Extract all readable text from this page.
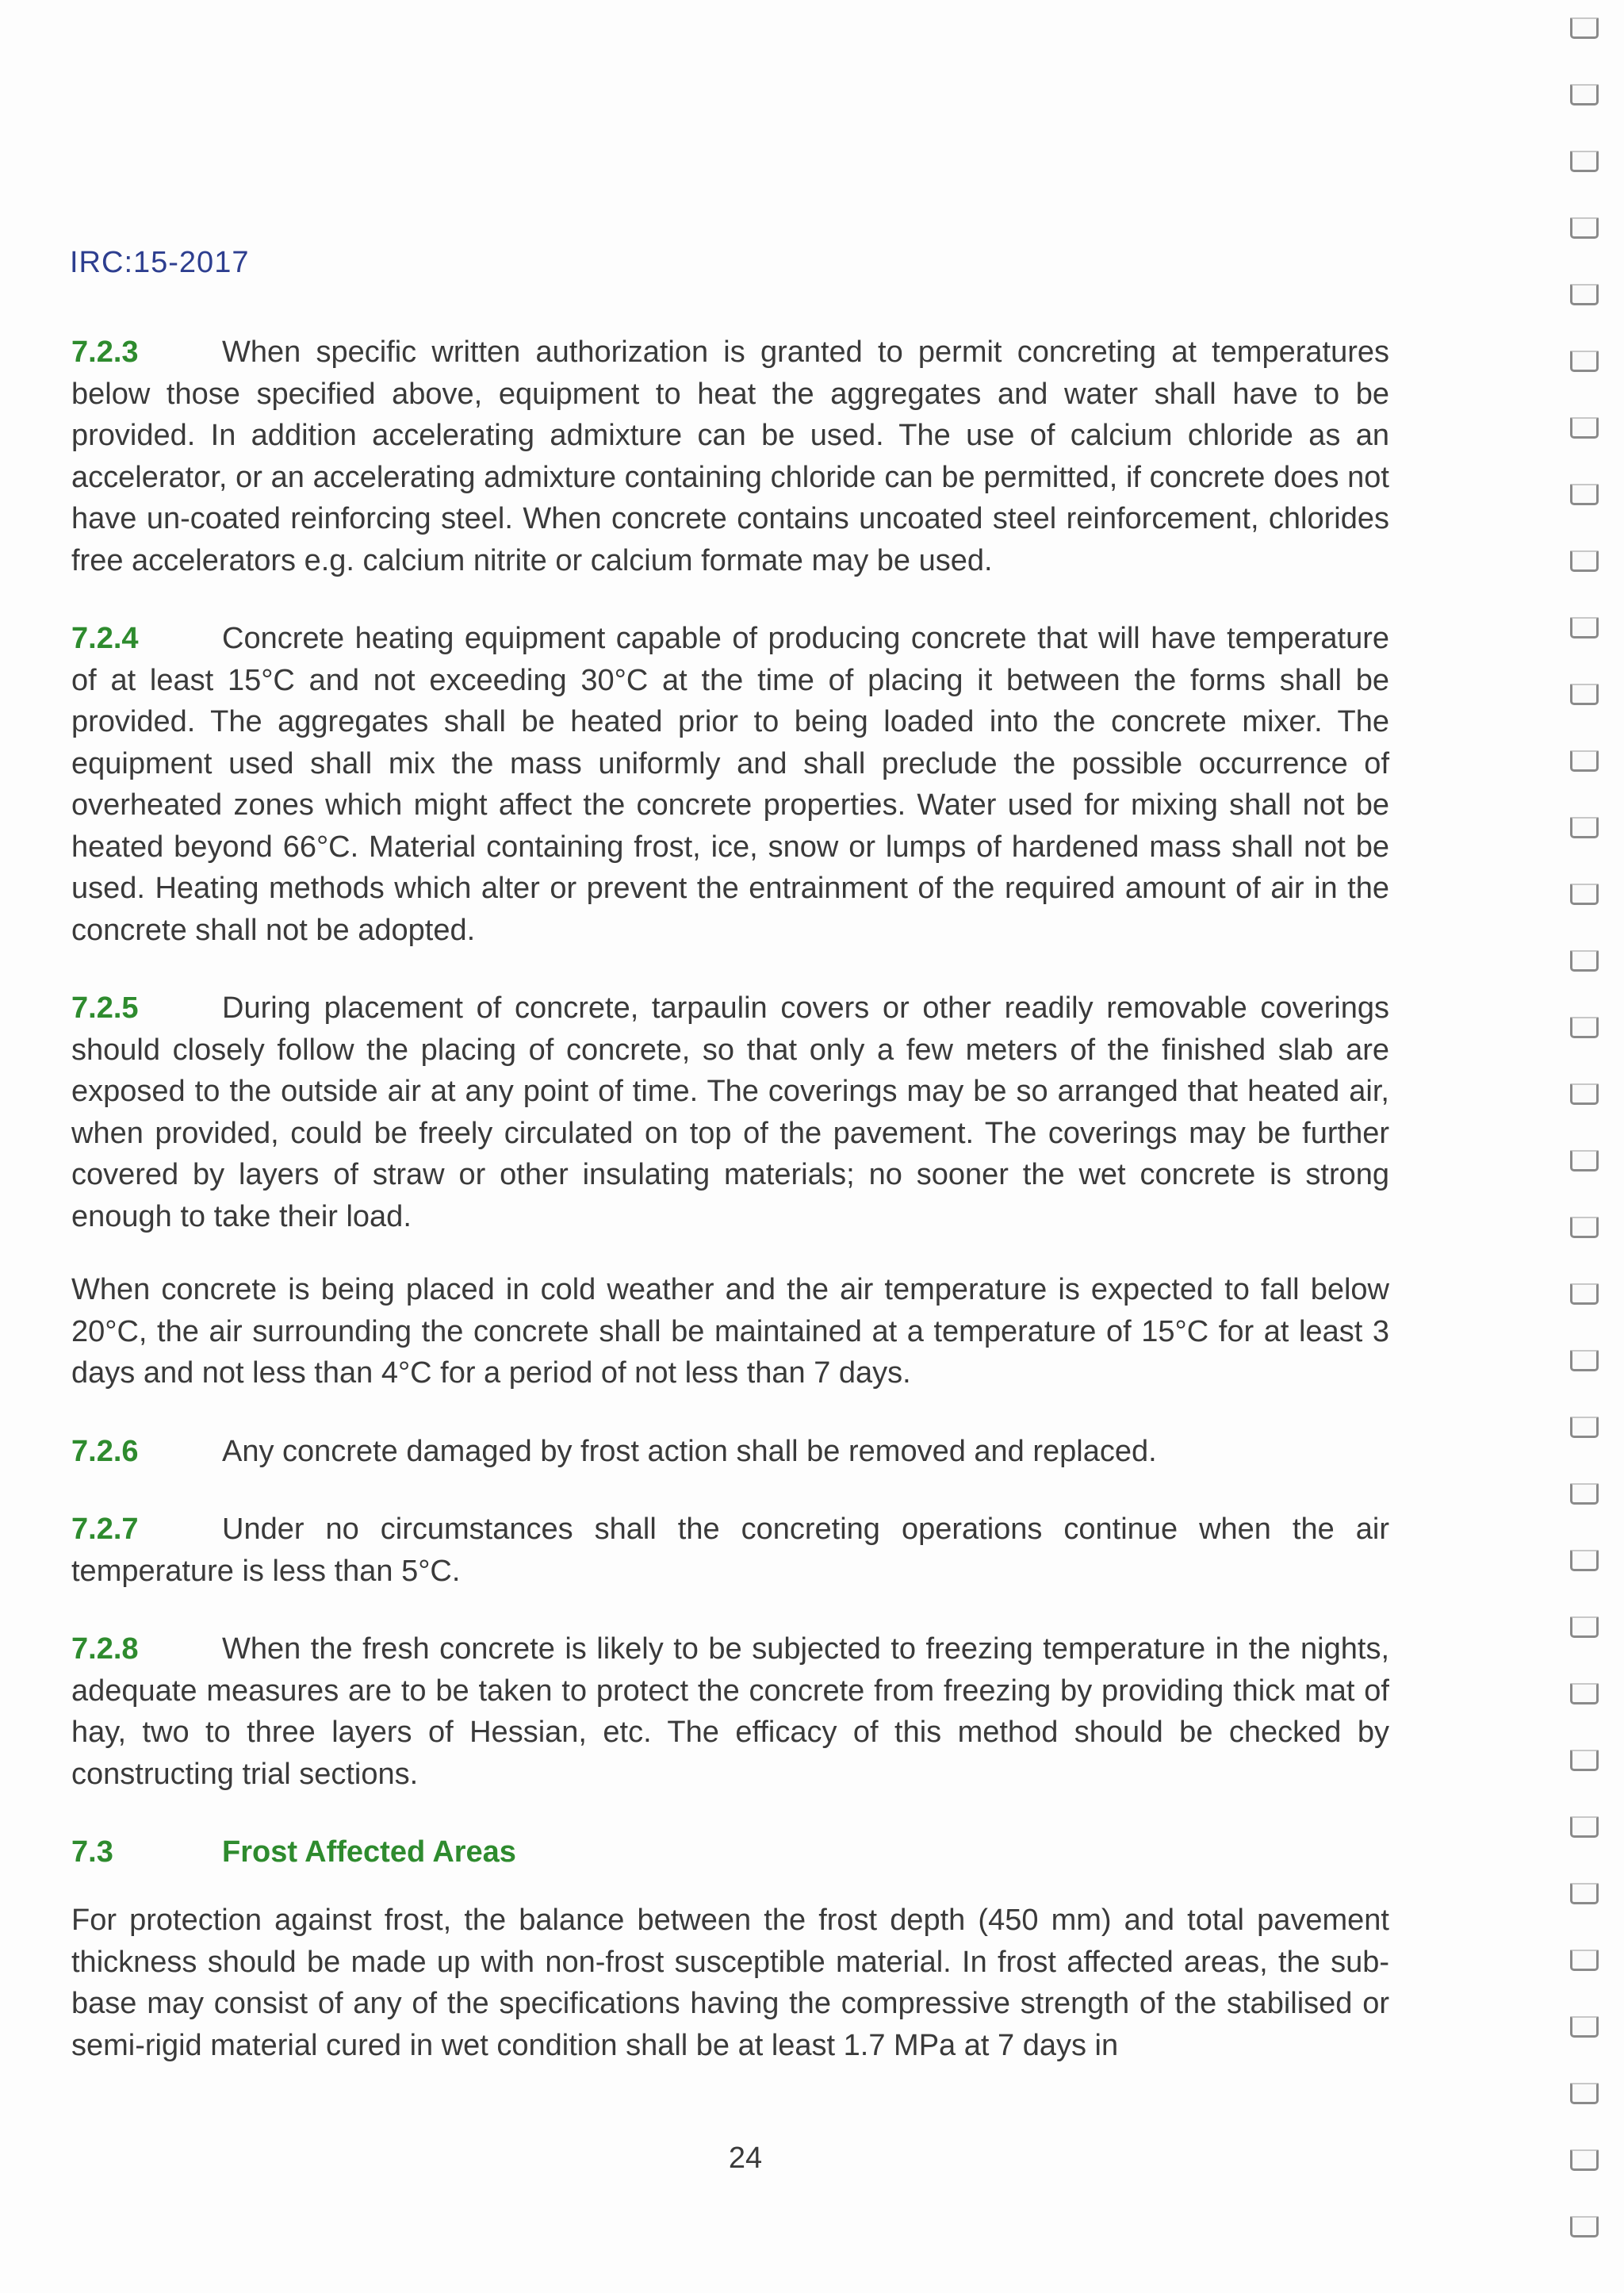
IRC:15-2017

7.2.3	When specific written authorization is granted to permit concreting at temperatures below those specified above, equipment to heat the aggregates and water shall have to be provided. In addition accelerating admixture can be used. The use of calcium chloride as an accelerator, or an accelerating admixture containing chloride can be permitted, if concrete does not have un-coated reinforcing steel. When concrete contains uncoated steel reinforcement, chlorides free accelerators e.g. calcium nitrite or calcium formate may be used.

7.2.4	Concrete heating equipment capable of producing concrete that will have temperature of at least 15°C and not exceeding 30°C at the time of placing it between the forms shall be provided. The aggregates shall be heated prior to being loaded into the concrete mixer. The equipment used shall mix the mass uniformly and shall preclude the possible occurrence of overheated zones which might affect the concrete properties. Water used for mixing shall not be heated beyond 66°C. Material containing frost, ice, snow or lumps of hardened mass shall not be used. Heating methods which alter or prevent the entrainment of the required amount of air in the concrete shall not be adopted.

7.2.5	During placement of concrete, tarpaulin covers or other readily removable coverings should closely follow the placing of concrete, so that only a few meters of the finished slab are exposed to the outside air at any point of time. The coverings may be so arranged that heated air, when provided, could be freely circulated on top of the pavement. The coverings may be further covered by layers of straw or other insulating materials; no sooner the wet concrete is strong enough to take their load.

When concrete is being placed in cold weather and the air temperature is expected to fall below 20°C, the air surrounding the concrete shall be maintained at a temperature of 15°C for at least 3 days and not less than 4°C for a period of not less than 7 days.

7.2.6	Any concrete damaged by frost action shall be removed and replaced.

7.2.7	Under no circumstances shall the concreting operations continue when the air temperature is less than 5°C.

7.2.8	When the fresh concrete is likely to be subjected to freezing temperature in the nights, adequate measures are to be taken to protect the concrete from freezing by providing thick mat of hay, two to three layers of Hessian, etc. The efficacy of this method should be checked by constructing trial sections.

7.3	Frost Affected Areas

For protection against frost, the balance between the frost depth (450 mm) and total pavement thickness should be made up with non-frost susceptible material. In frost affected areas, the sub-base may consist of any of the specifications having the compressive strength of the stabilised or semi-rigid material cured in wet condition shall be at least 1.7 MPa at 7 days in

24
